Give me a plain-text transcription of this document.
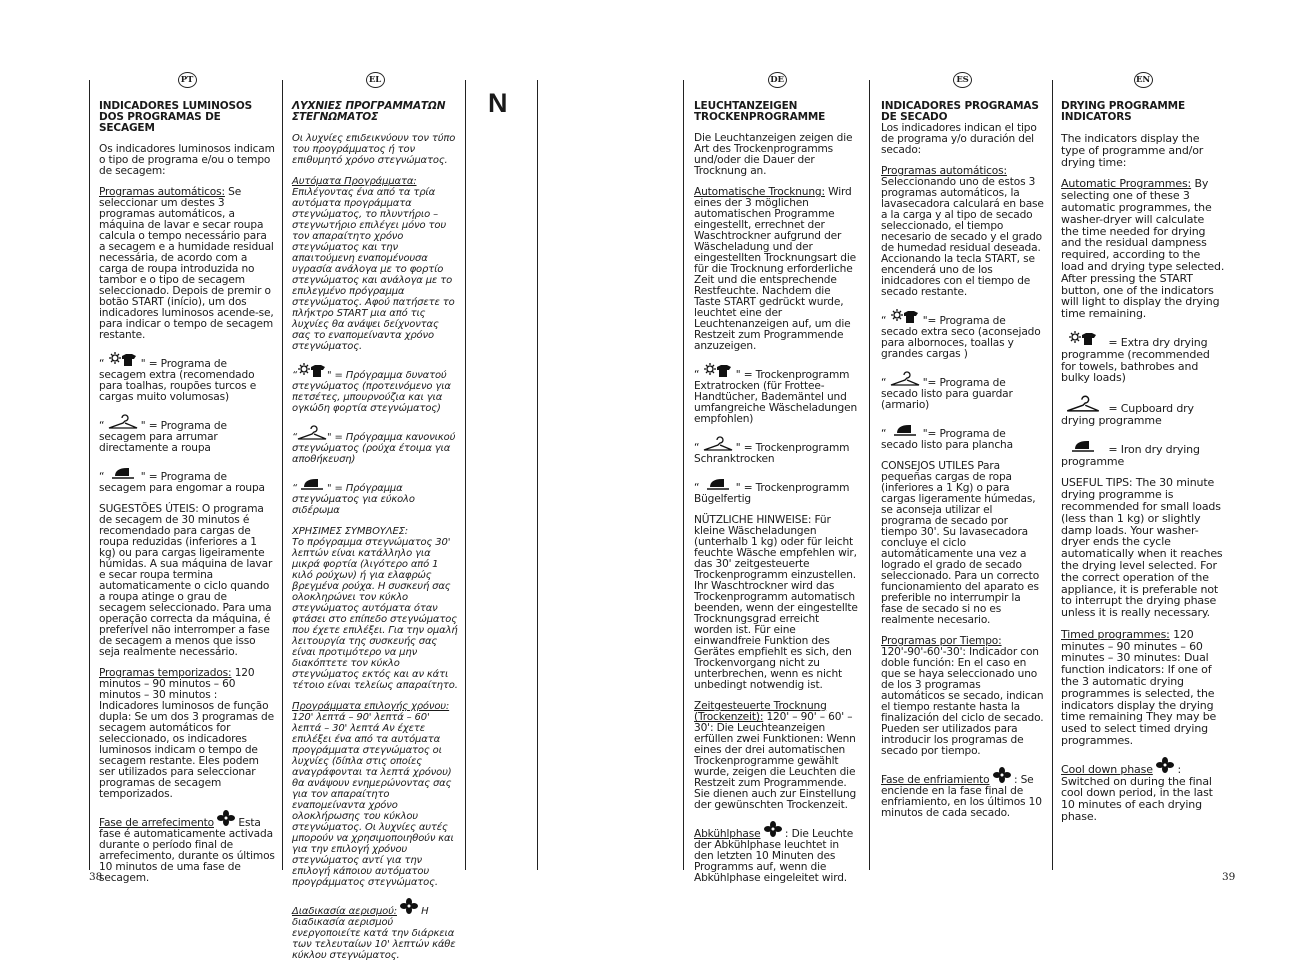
N
PT

INDICADORES LUMINOSOS DOS PROGRAMAS DE SECAGEM

Os indicadores luminosos indicam o tipo de programa e/ou o tempo de secagem:

Programas automáticos: Se seleccionar um destes 3 programas automáticos, a máquina de lavar e secar roupa calcula o tempo necessário para a secagem e a humidade residual necessária, de acordo com a carga de roupa introduzida no tambor e o tipo de secagem seleccionado. Depois de premir o botão START (início), um dos indicadores luminosos acende-se, para indicar o tempo de secagem restante.

“	" = Programa de secagem extra (recomendado para toalhas, roupões turcos e cargas muito volumosas)

“	" = Programa de secagem para arrumar directamente a roupa

“	" = Programa de secagem para engomar a roupa

SUGESTÕES ÚTEIS: O programa de secagem de 30 minutos é recomendado para cargas de roupa reduzidas (inferiores a 1 kg) ou para cargas ligeiramente húmidas. A sua máquina de lavar e secar roupa termina automaticamente o ciclo quando a roupa atinge o grau de secagem seleccionado. Para uma operação correcta da máquina, é preferível não interromper a fase de secagem a menos que isso seja realmente necessário.

Programas temporizados: 120 minutos – 90 minutos – 60 minutos – 30 minutos : Indicadores luminosos de função dupla: Se um dos 3 programas de secagem automáticos for seleccionado, os indicadores luminosos indicam o tempo de secagem restante. Eles podem ser utilizados para seleccionar programas de secagem temporizados.

Fase de arrefecimento Esta fase é automaticamente activada durante o período final de arrefecimento, durante os últimos 10 minutos de uma fase de secagem.

EL

ΛΥΧΝΙΕΣ ΠΡΟΓΡΑΜΜΑΤΩΝ ΣΤΕΓΝΩΜΑΤΟΣ

Οι λυχνίες επιδεικνύουν τον τύπο του προγράμματος ή τον επιθυμητό χρόνο στεγνώματος.

Αυτόματα Προγράμματα: Επιλέγοντας ένα από τα τρία αυτόματα προγράμματα στεγνώματος, το πλυντήριο – στεγνωτήριο επιλέγει μόνο του τον απαραίτητο χρόνο στεγνώματος και την απαιτούμενη εναπομένουσα υγρασία ανάλογα με το φορτίο στεγνώματος και ανάλογα με το επιλεγμένο πρόγραμμα στεγνώματος. Αφού πατήσετε το πλήκτρο START μια από τις λυχνίες θα ανάψει δείχνοντας σας το εναπομείναντα χρόνο στεγνώματος.

“	" = Πρόγραμμα δυνατού στεγνώματος (προτεινόμενο για πετσέτες, μπουρνούζια και για ογκώδη φορτία στεγνώματος)

“	" = Πρόγραμμα κανονικού στεγνώματος (ρούχα έτοιμα για αποθήκευση)

“	" = Πρόγραμμα στεγνώματος για εύκολο σιδέρωμα

ΧΡΗΣΙΜΕΣ ΣΥΜΒΟΥΛΕΣ:
Το πρόγραμμα στεγνώματος 30' λεπτών είναι κατάλληλο για μικρά φορτία (λιγότερο από 1 κιλό ρούχων) ή για ελαφρώς βρεγμένα ρούχα. Η συσκευή σας ολοκληρώνει τον κύκλο στεγνώματος αυτόματα όταν φτάσει στο επίπεδο στεγνώματος που έχετε επιλέξει. Για την ομαλή λειτουργία της συσκευής σας είναι προτιμότερο να μην διακόπτετε τον κύκλο στεγνώματος εκτός και αν κάτι τέτοιο είναι τελείως απαραίτητο.

Προγράμματα επιλογής χρόνου: 120' λεπτά – 90' λεπτά – 60' λεπτά – 30' λεπτά Αν έχετε επιλέξει ένα από τα αυτόματα προγράμματα στεγνώματος οι λυχνίες (δίπλα στις οποίες αναγράφονται τα λεπτά χρόνου) θα ανάψουν ενημερώνοντας σας για τον απαραίτητο εναπομείναντα χρόνο ολοκλήρωσης του κύκλου στεγνώματος. Οι λυχνίες αυτές μπορούν να χρησιμοποιηθούν και για την επιλογή χρόνου στεγνώματος αντί για την επιλογή κάποιου αυτόματου προγράμματος στεγνώματος.

Διαδικασία αερισμού: Η διαδικασία αερισμού ενεργοποιείτε κατά την διάρκεια των τελευταίων 10' λεπτών κάθε κύκλου στεγνώματος.

DE

LEUCHTANZEIGEN TROCKENPROGRAMME

Die Leuchtanzeigen zeigen die Art des Trockenprogramms und/oder die Dauer der Trocknung an.

Automatische Trocknung: Wird eines der 3 möglichen automatischen Programme eingestellt, errechnet der Waschtrockner aufgrund der Wäscheladung und der eingestellten Trocknungsart die für die Trocknung erforderliche Zeit und die entsprechende Restfeuchte. Nachdem die Taste START gedrückt wurde, leuchtet eine der Leuchtenanzeigen auf, um die Restzeit zum Programmende anzuzeigen.

“	" = Trockenprogramm Extratrocken (für Frottee-Handtücher, Bademäntel und umfangreiche Wäscheladungen empfohlen)

“	" = Trockenprogramm Schranktrocken

“	" = Trockenprogramm Bügelfertig

NÜTZLICHE HINWEISE: Für kleine Wäscheladungen (unterhalb 1 kg) oder für leicht feuchte Wäsche empfehlen wir, das 30' zeitgesteuerte Trockenprogramm einzustellen. Ihr Waschtrockner wird das Trockenprogramm automatisch beenden, wenn der eingestellte Trocknungsgrad erreicht worden ist. Für eine einwandfreie Funktion des Gerätes empfiehlt es sich, den Trockenvorgang nicht zu unterbrechen, wenn es nicht unbedingt notwendig ist.

Zeitgesteuerte Trocknung (Trockenzeit): 120' – 90' – 60' – 30': Die Leuchteanzeigen erfüllen zwei Funktionen: Wenn eines der drei automatischen Trockenprogramme gewählt wurde, zeigen die Leuchten die Restzeit zum Programmende. Sie dienen auch zur Einstellung der gewünschten Trockenzeit.

Abkühlphase  : Die Leuchte der Abkühlphase leuchtet in den letzten 10 Minuten des Programms auf, wenn die Abkühlphase eingeleitet wird.

ES

INDICADORES PROGRAMAS DE SECADO

Los indicadores indican el tipo de programa y/o duración del secado:

Programas automáticos: Seleccionando uno de estos 3 programas automáticos, la lavasecadora calculará en base a la carga y al tipo de secado seleccionado, el tiempo necesario de secado y el grado de humedad residual deseada. Accionando la tecla START, se encenderá uno de los inidcadores con el tiempo de secado restante.

“	"= Programa de secado extra seco (aconsejado para albornoces, toallas y grandes cargas )

“	"= Programa de secado listo para guardar (armario)

“	"= Programa de secado listo para plancha

CONSEJOS UTILES Para pequeñas cargas de ropa (inferiores a 1 Kg) o para cargas ligeramente húmedas, se aconseja utilizar el programa de secado por tiempo 30'. Su lavasecadora concluye el ciclo automáticamente una vez a logrado el grado de secado seleccionado. Para un correcto funcionamiento del aparato es preferible no interrumpir la fase de secado si no es realmente necesario.

Programas por Tiempo: 120'-90'-60'-30': Indicador con doble función: En el caso en que se haya seleccionado uno de los 3 programas automáticos se secado, indican el tiempo restante hasta la finalización del ciclo de secado. Pueden ser utilizados para introducir los programas de secado por tiempo.

Fase de enfriamiento  : Se enciende en la fase final de enfriamiento, en los últimos 10 minutos de cada secado.

EN

DRYING PROGRAMME INDICATORS

The indicators display the type of programme and/or drying time:

Automatic Programmes: By selecting one of these 3 automatic programmes, the washer-dryer will calculate the time needed for drying and the residual dampness required, according to the load and drying type selected. After pressing the START button, one of the indicators will light to display the drying time remaining.

= Extra dry drying programme (recommended for towels, bathrobes and bulky loads)

= Cupboard dry drying programme

= Iron dry drying programme

USEFUL TIPS: The 30 minute drying programme is recommended for small loads (less than 1 kg) or slightly damp loads. Your washer-dryer ends the cycle automatically when it reaches the drying level selected. For the correct operation of the appliance, it is preferable not to interrupt the drying phase unless it is really necessary.

Timed programmes: 120 minutes – 90 minutes – 60 minutes – 30 minutes: Dual function indicators: If one of the 3 automatic drying programmes is selected, the indicators display the drying time remaining They may be used to select timed drying programmes.

Cool down phase  : Switched on during the final cool down period, in the last 10 minutes of each drying phase.

38	39
